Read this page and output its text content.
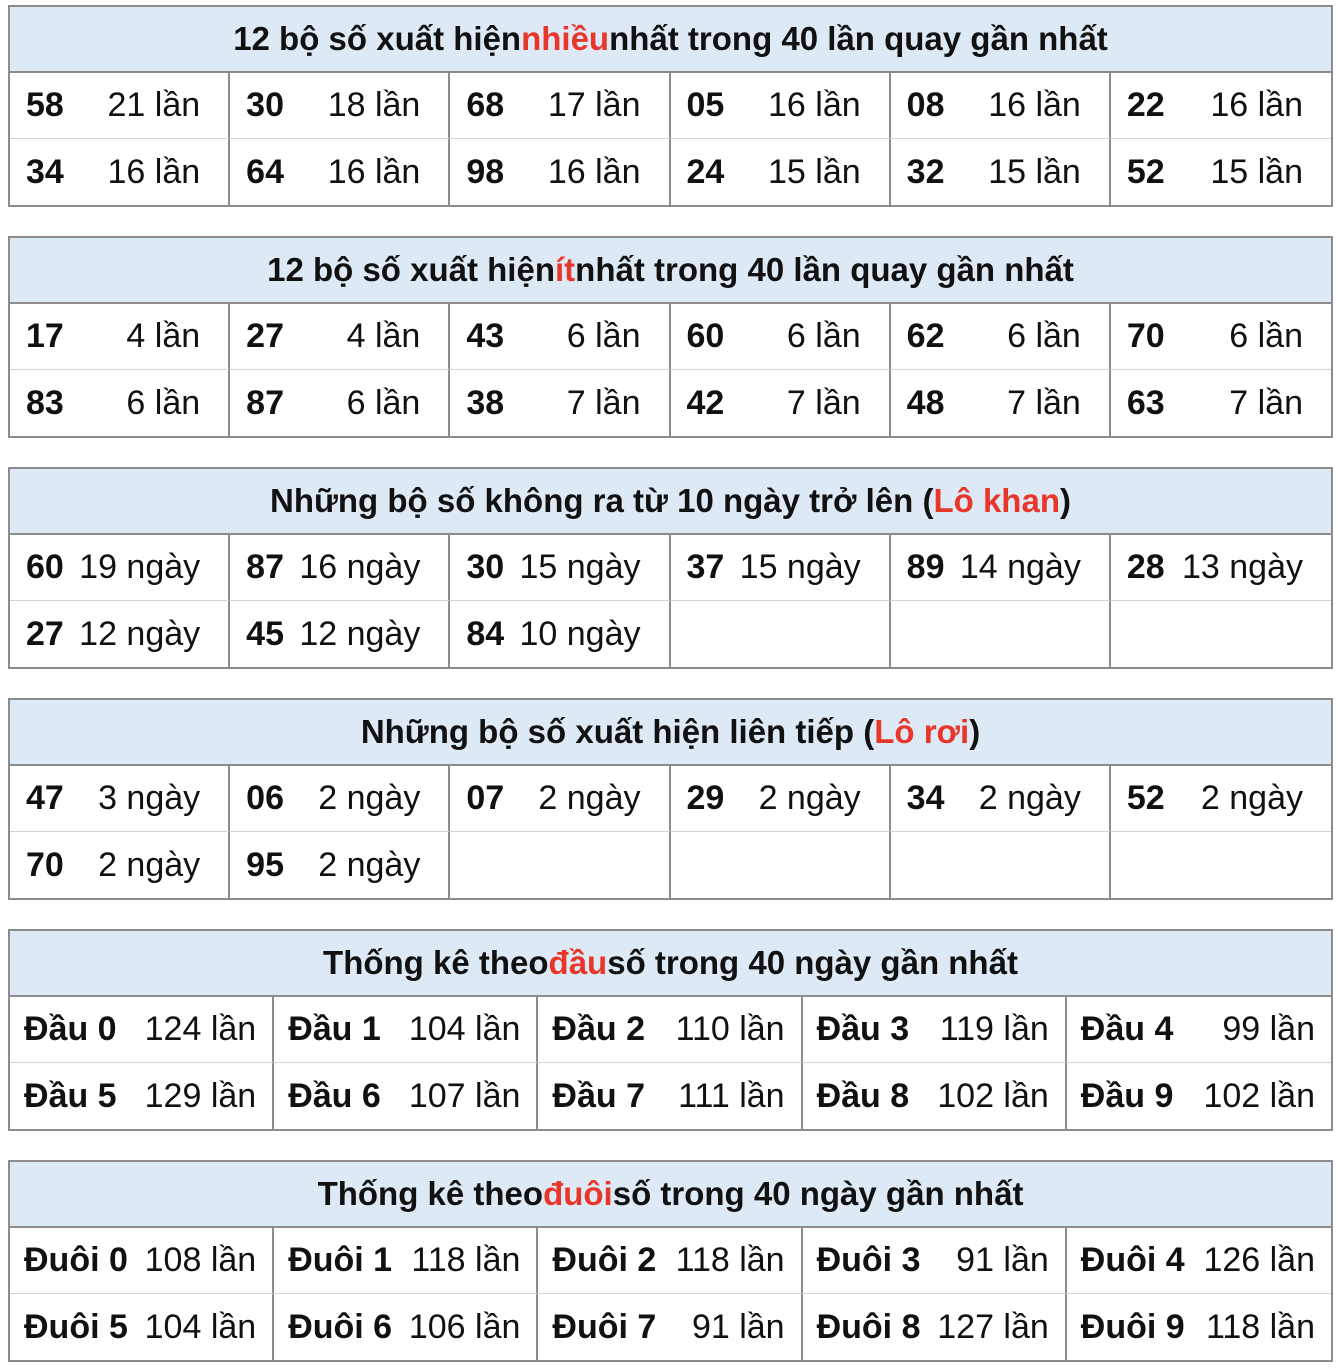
12 bộ số xuất hiện nhiều nhất trong 40 lần quay gần nhất
58 21 lần 30 18 lần 68 17 lần 05 16 lần 08 16 lần 22 16 lần
34 16 lần 64 16 lần 98 16 lần 24 15 lần 32 15 lần 52 15 lần
12 bộ số xuất hiện ít nhất trong 40 lần quay gần nhất
17 4 lần 27 4 lần 43 6 lần 60 6 lần 62 6 lần 70 6 lần
83 6 lần 87 6 lần 38 7 lần 42 7 lần 48 7 lần 63 7 lần
Những bộ số không ra từ 10 ngày trở lên ( Lô khan )
60 19 ngày 87 16 ngày 30 15 ngày 37 15 ngày 89 14 ngày 28 13 ngày
27 12 ngày 45 12 ngày 84 10 ngày
Những bộ số xuất hiện liên tiếp ( Lô rơi )
47 3 ngày 06 2 ngày 07 2 ngày 29 2 ngày 34 2 ngày 52 2 ngày
70 2 ngày 95 2 ngày
Thống kê theo đầu số trong 40 ngày gần nhất
Đầu 0 124 lần Đầu 1 104 lần Đầu 2 110 lần Đầu 3 119 lần Đầu 4 99 lần
Đầu 5 129 lần Đầu 6 107 lần Đầu 7 111 lần Đầu 8 102 lần Đầu 9 102 lần
Thống kê theo đuôi số trong 40 ngày gần nhất
Đuôi 0 108 lần Đuôi 1 118 lần Đuôi 2 118 lần Đuôi 3 91 lần Đuôi 4 126 lần
Đuôi 5 104 lần Đuôi 6 106 lần Đuôi 7 91 lần Đuôi 8 127 lần Đuôi 9 118 lần
